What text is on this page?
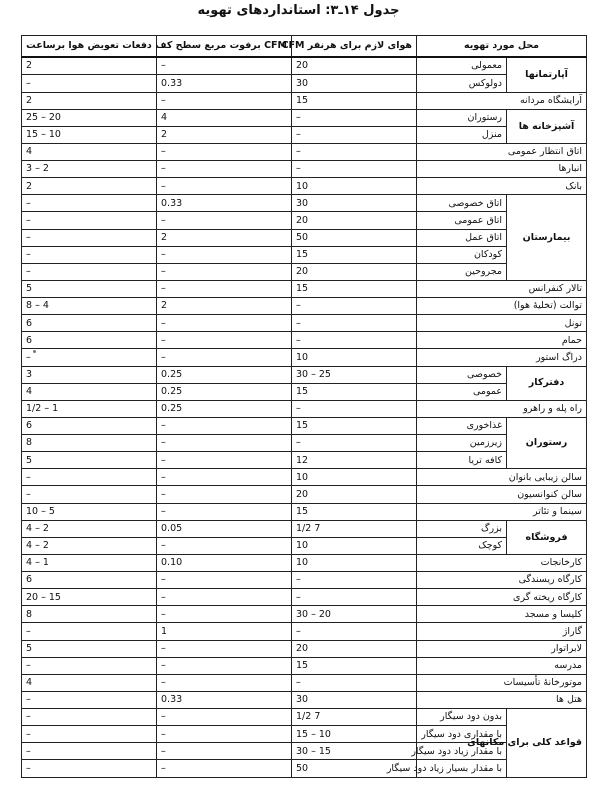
جدول ۱۴ـ۳: استانداردهای تهویه
محل مورد تهویه		هوای لازم برای هرنفر CFM	CFM برفوت مربع سطح کف	دفعات تعویض هوا برساعت
آپارتمانها	معمولی	20	–	2
	دولوکس	30	0.33	–
آرایشگاه مردانه		15	–	2
آشپزخانه ها	رستوران	–	4	20 – 25
	منزل	–	2	10 – 15
اتاق انتظار عمومی		–	–	4
انبارها		–	–	2 – 3
بانک		10	–	2
بیمارستان	اتاق خصوصی	30	0.33	–
	اتاق عمومی	20	–	–
	اتاق عمل	50	2	–
	کودکان	15	–	–
	مجروحین	20	–	–
تالار کنفرانس		15	–	5
توالت (تخلیهٔ هوا)		–	2	4 – 8
تونل		–	–	6
حمام		–	–	6
دراگ استور		10	–	–
دفترکار	خصوصی	25 – 30	0.25	3
	عمومی	15	0.25	4
راه پله و راهرو		–	0.25	1 – 1/2
رستوران	غذاخوری	15	–	6
	زیرزمین	–	–	8
	کافه تریا	12	–	5
سالن زیبایی بانوان		10	–	–
سالن کنوانسیون		20	–	–
سینما و تئاتر		15	–	5 – 10
فروشگاه	بزرگ	7 1/2	0.05	2 – 4
	کوچک	10	–	2 – 4
کارخانجات		10	0.10	1 – 4
کارگاه ریسندگی		–	–	6
کارگاه ریخته گری		–	–	15 – 20
کلیسا و مسجد		20 – 30	–	8
گاراژ		–	1	–
لابراتوار		20	–	5
مدرسه		15	–	–
موتورخانهٔ تأسیسات		–	–	4
هتل ها		30	0.33	–
قواعد کلی برای مکانهای	بدون دود سیگار	7 1/2	–	–
	با مقداری دود سیگار	10 – 15	–	–
	با مقدار زیاد دود سیگار	15 – 30	–	–
	با مقدار بسیار زیاد دود سیگار	50	–	–
